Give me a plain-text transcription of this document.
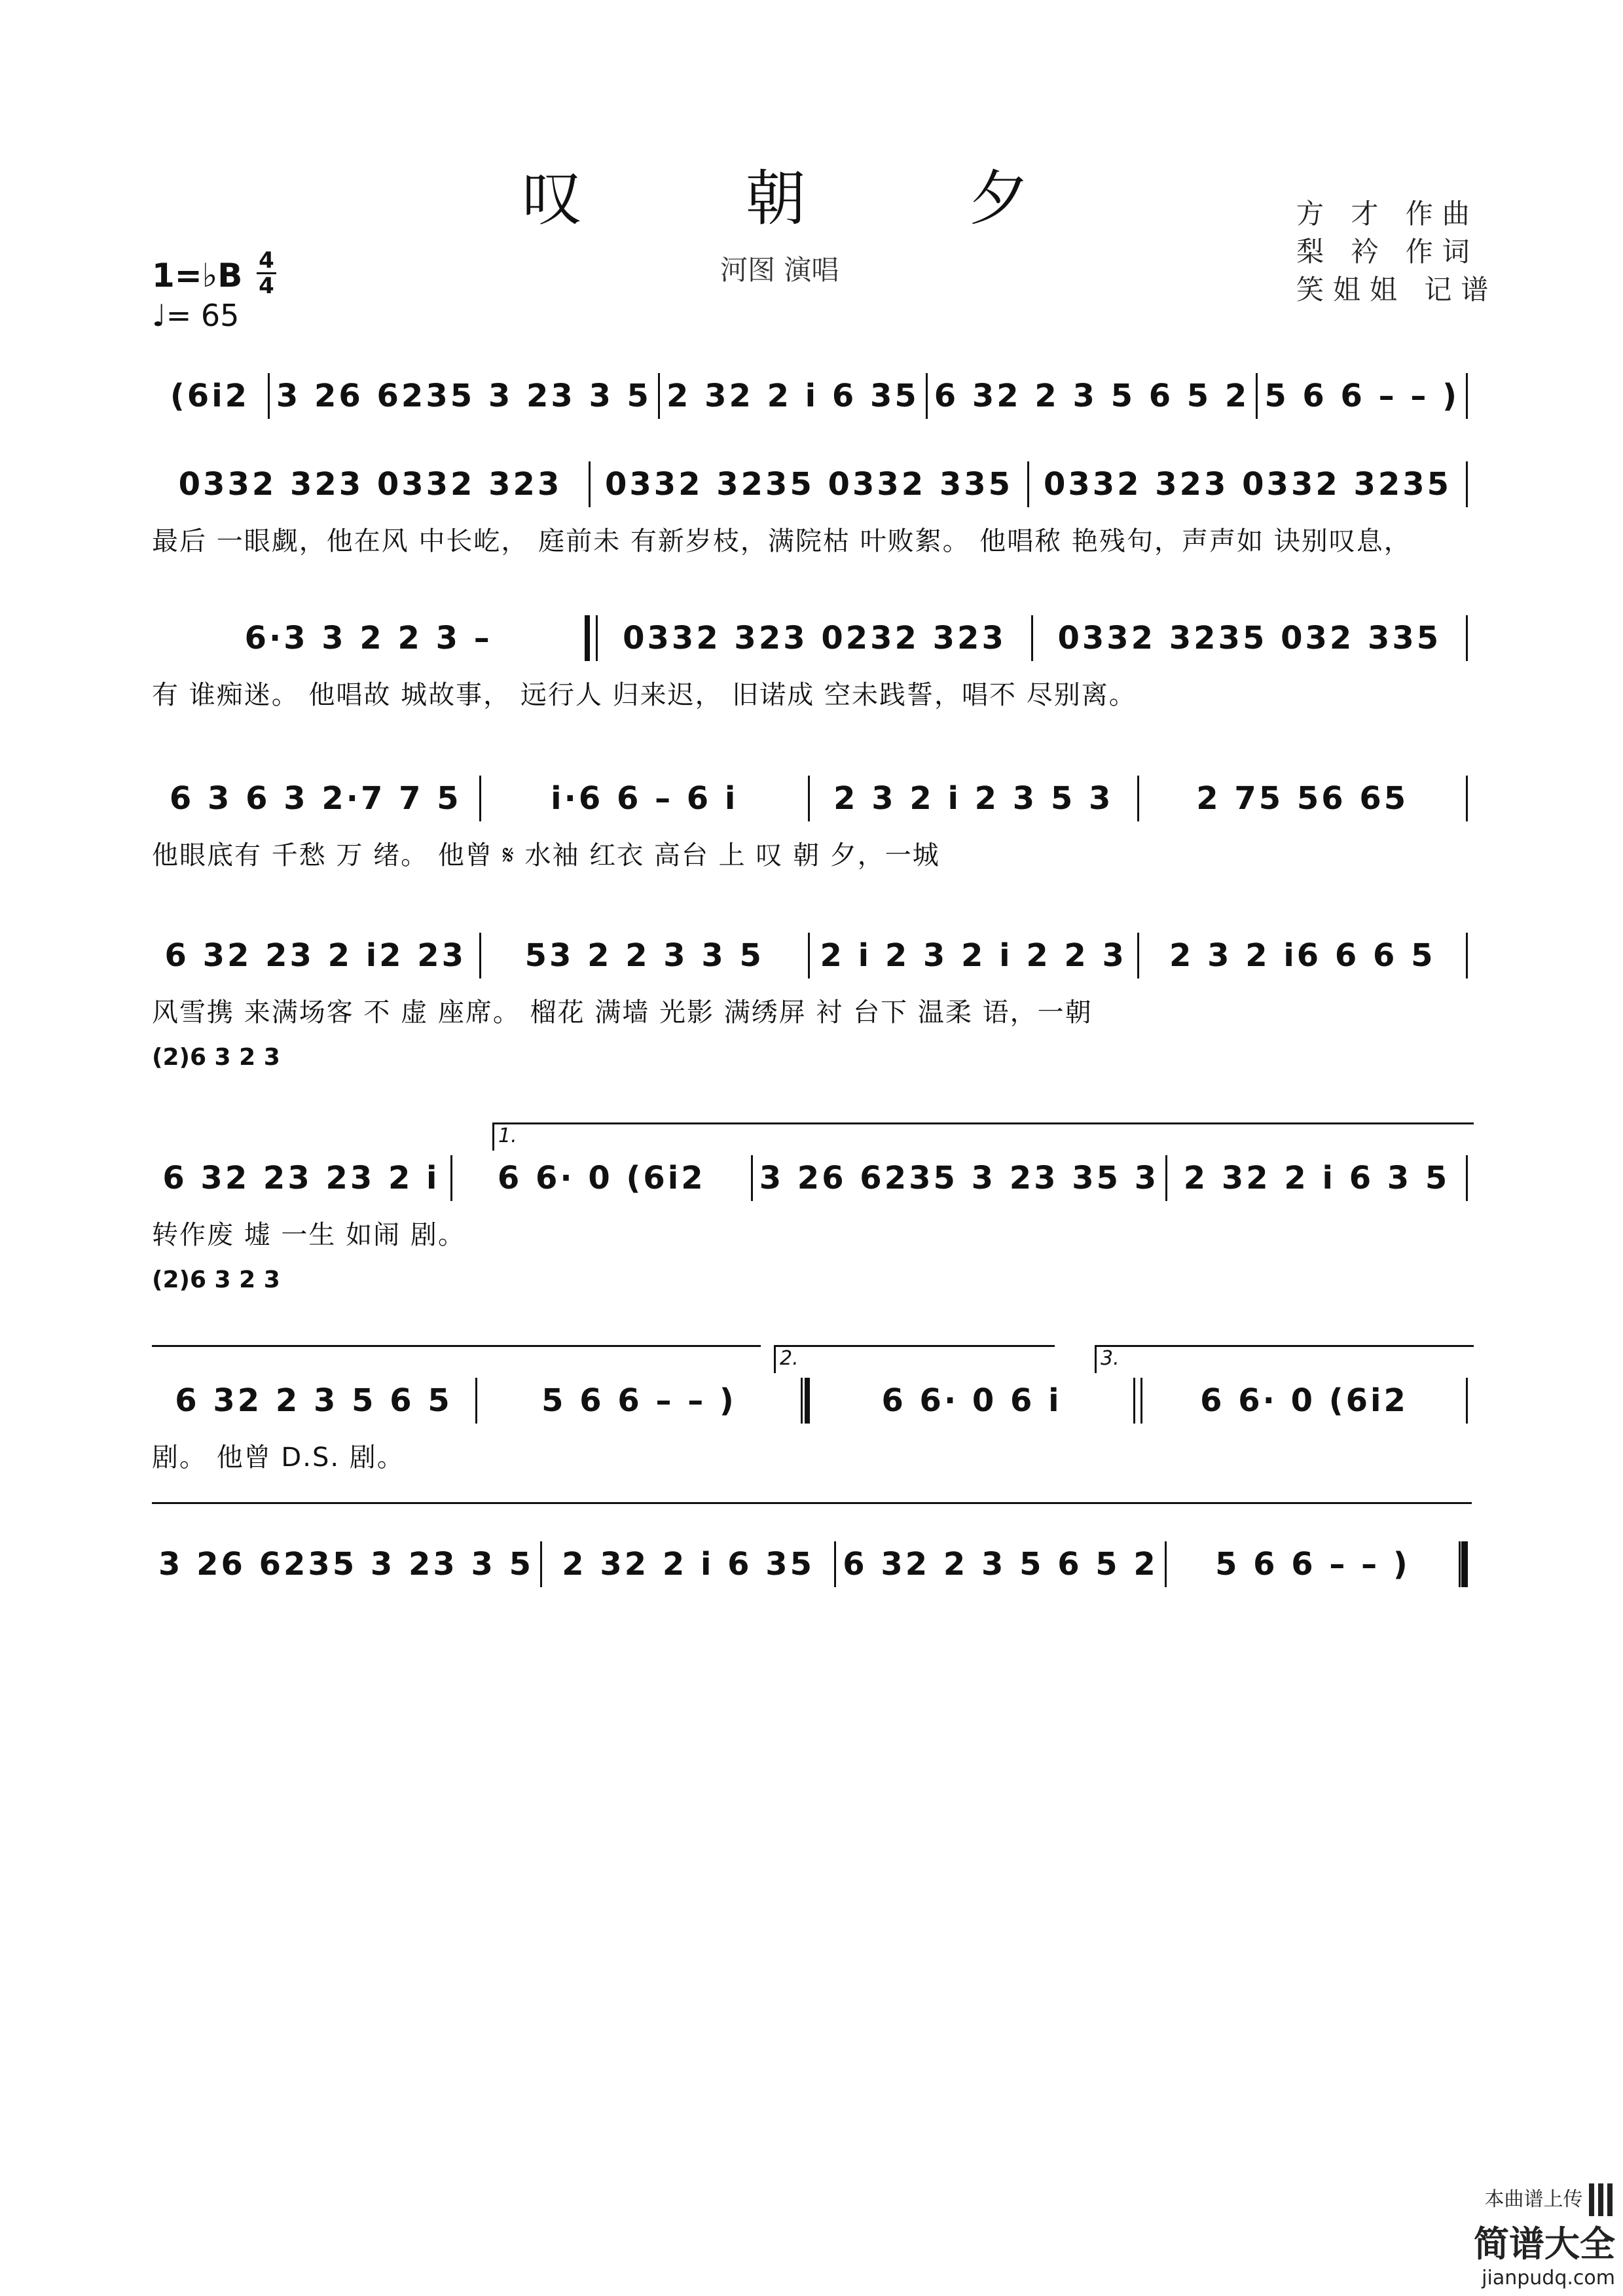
叹 朝 夕
河图 演唱
方 才 作曲
梨 衿 作词
笑姐姐 记谱
1=♭B 4
4
♩= 65
(6i2 3 26 6235 3 23 3 5 2 32 2 i 6 35 6 32 2 3 5 6 5 2 5 6 6 – – )
0332 323 0332 323	0332 3235 0332 335 0332 323 0332 3235
最后 一眼觑，他在风 中长屹， 庭前未 有新岁枝，满院枯 叶败絮。 他唱秾 艳残句，声声如 诀别叹息，
6·3 3 2 2 3 –	0332 323 0232 323	0332 3235 032 335
有 谁痴迷。 他唱故 城故事， 远行人 归来迟， 旧诺成 空未践誓，唱不 尽别离。
6 3 6 3 2·7 7 5	i·6 6 – 6 i	2 3 2 i 2 3 5 3	2 75 56 65
他眼底有 千愁 万 绪。 他曾 𝄋 水袖 红衣 高台 上 叹 朝 夕，一城
6 32 23 2 i2 23	53 2 2 3 3 5	2 i 2 3 2 i 2 2 3	2 3 2 i6 6 6 5
风雪携 来满场客 不 虚 座席。 榴花 满墙 光影 满绣屏 衬 台下 温柔 语，一朝
(2)6 3 2 3
1.
6 32 23 23 2 i	6 6· 0 (6i2	3 26 6235 3 23 35 3 2 32 2 i 6 3 5
转作废 墟 一生 如闹 剧。
(2)6 3 2 3
2.	3.
6 32 2 3 5 6 5	5 6 6 – – )	6 6· 0 6 i	6 6· 0 (6i2
剧。 他曾 D.S. 剧。
3 26 6235 3 23 3 5 2 32 2 i 6 35 6 32 2 3 5 6 5 2	5 6 6 – – )
本曲谱上传
简谱大全
jianpudq.com
